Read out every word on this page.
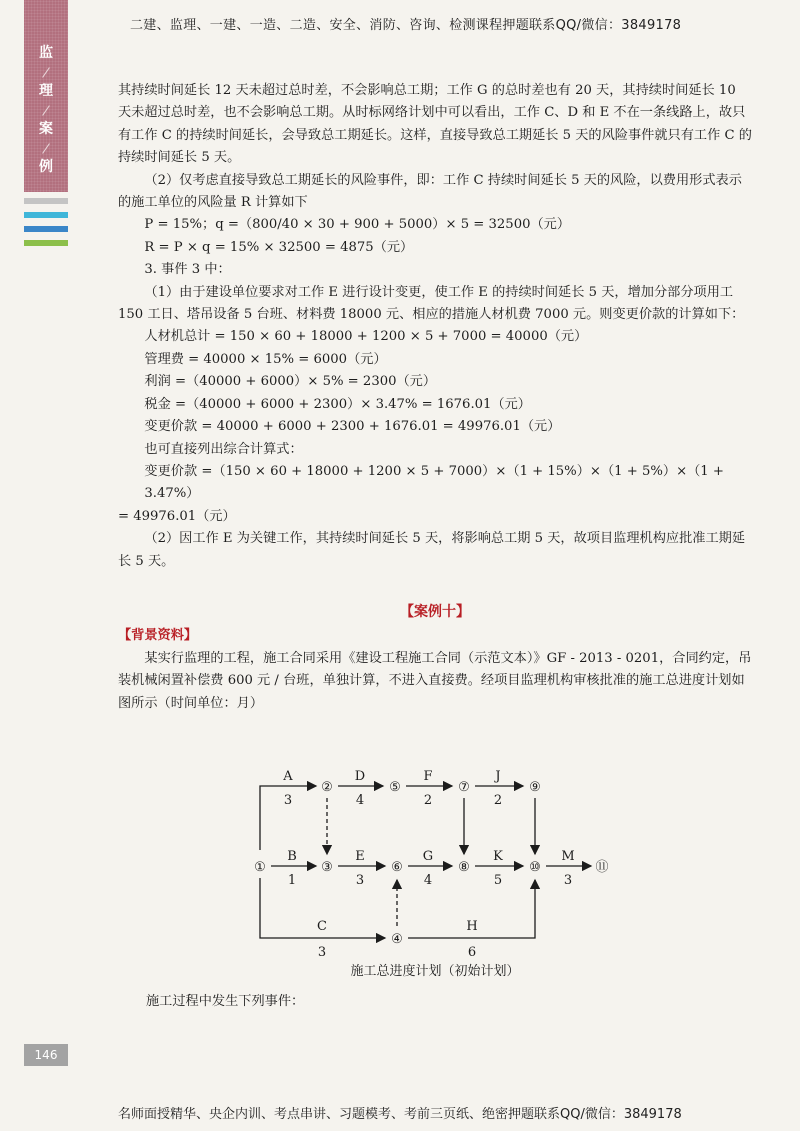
二建、监理、一建、一造、二造、安全、消防、咨询、检测课程押题联系QQ/微信：3849178
监
理
案
例
146

其持续时间延长 12 天未超过总时差，不会影响总工期；工作 G 的总时差也有 20 天，其持续时间延长 10 天未超过总时差，也不会影响总工期。从时标网络计划中可以看出，工作 C、D 和 E 不在一条线路上，故只有工作 C 的持续时间延长，会导致总工期延长。这样，直接导致总工期延长 5 天的风险事件就只有工作 C 的持续时间延长 5 天。

（2）仅考虑直接导致总工期延长的风险事件，即：工作 C 持续时间延长 5 天的风险，以费用形式表示的施工单位的风险量 R 计算如下

P = 15%；q =（800/40 × 30 + 900 + 5000）× 5 = 32500（元）

R = P × q = 15% × 32500 = 4875（元）

3. 事件 3 中：

（1）由于建设单位要求对工作 E 进行设计变更，使工作 E 的持续时间延长 5 天，增加分部分项用工 150 工日、塔吊设备 5 台班、材料费 18000 元、相应的措施人材机费 7000 元。则变更价款的计算如下：

人材机总计 = 150 × 60 + 18000 + 1200 × 5 + 7000 = 40000（元）

管理费 = 40000 × 15% = 6000（元）

利润 =（40000 + 6000）× 5% = 2300（元）

税金 =（40000 + 6000 + 2300）× 3.47% = 1676.01（元）

变更价款 = 40000 + 6000 + 2300 + 1676.01 = 49976.01（元）

也可直接列出综合计算式：

变更价款 =（150 × 60 + 18000 + 1200 × 5 + 7000）×（1 + 15%）×（1 + 5%）×（1 + 3.47%）

= 49976.01（元）

（2）因工作 E 为关键工作，其持续时间延长 5 天，将影响总工期 5 天，故项目监理机构应批准工期延长 5 天。

【案例十】

【背景资料】

某实行监理的工程，施工合同采用《建设工程施工合同（示范文本）》GF - 2013 - 0201，合同约定，吊装机械闲置补偿费 600 元 / 台班，单独计算，不进入直接费。经项目监理机构审核批准的施工总进度计划如图所示（时间单位：月）

①
②
③
④
⑤
⑥
⑦
⑧
⑨
⑩	⑪
A
3
D
4
F
2
J
2
B
1
E
3
G
4
K
5
M
3
C
3
H
6
施工总进度计划（初始计划）
施工过程中发生下列事件：
名师面授精华、央企内训、考点串讲、习题模考、考前三页纸、绝密押题联系QQ/微信：3849178
